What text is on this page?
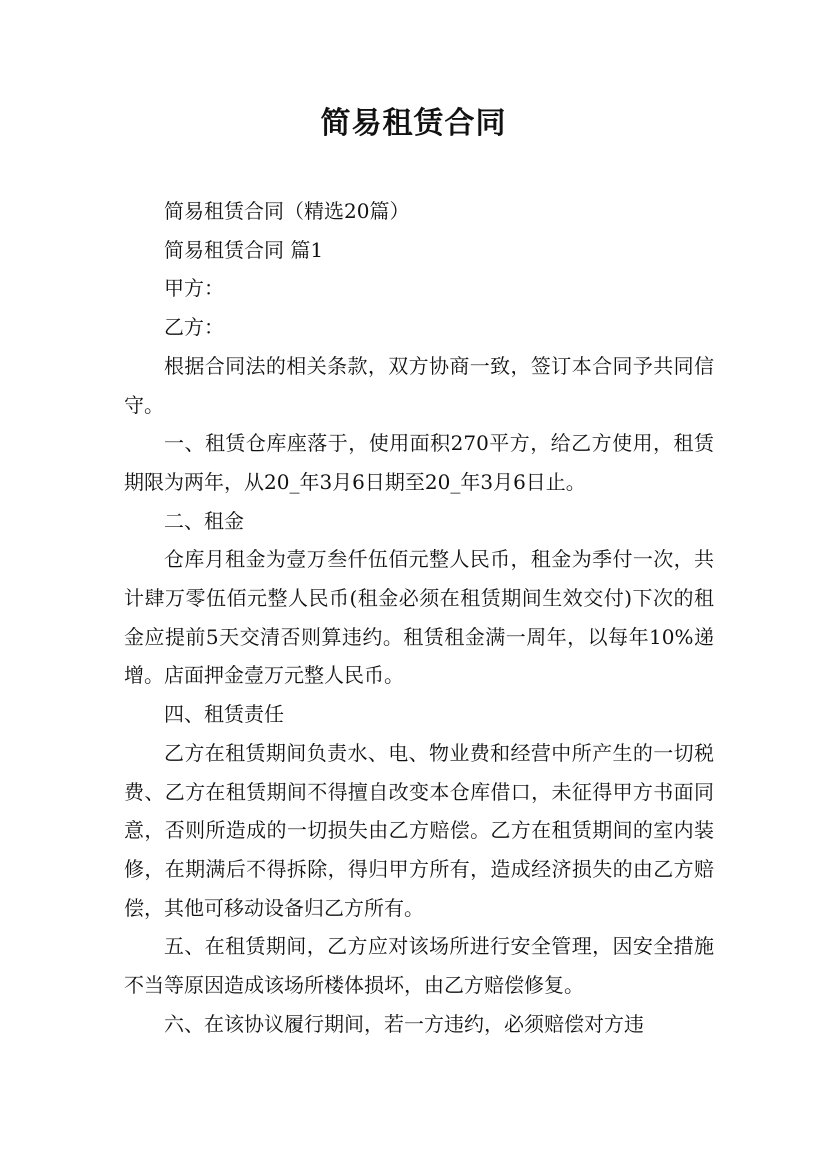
简易租赁合同

简易租赁合同（精选20篇）

简易租赁合同 篇1

甲方：

乙方：

根据合同法的相关条款，双方协商一致，签订本合同予共同信守。

一、租赁仓库座落于，使用面积270平方，给乙方使用，租赁期限为两年，从20_年3月6日期至20_年3月6日止。

二、租金

仓库月租金为壹万叁仟伍佰元整人民币，租金为季付一次，共计肆万零伍佰元整人民币(租金必须在租赁期间生效交付)下次的租金应提前5天交清否则算违约。租赁租金满一周年，以每年10%递增。店面押金壹万元整人民币。

四、租赁责任

乙方在租赁期间负责水、电、物业费和经营中所产生的一切税费、乙方在租赁期间不得擅自改变本仓库借口，未征得甲方书面同意，否则所造成的一切损失由乙方赔偿。乙方在租赁期间的室内装修，在期满后不得拆除，得归甲方所有，造成经济损失的由乙方赔偿，其他可移动设备归乙方所有。

五、在租赁期间，乙方应对该场所进行安全管理，因安全措施不当等原因造成该场所楼体损坏，由乙方赔偿修复。

六、在该协议履行期间，若一方违约，必须赔偿对方违
